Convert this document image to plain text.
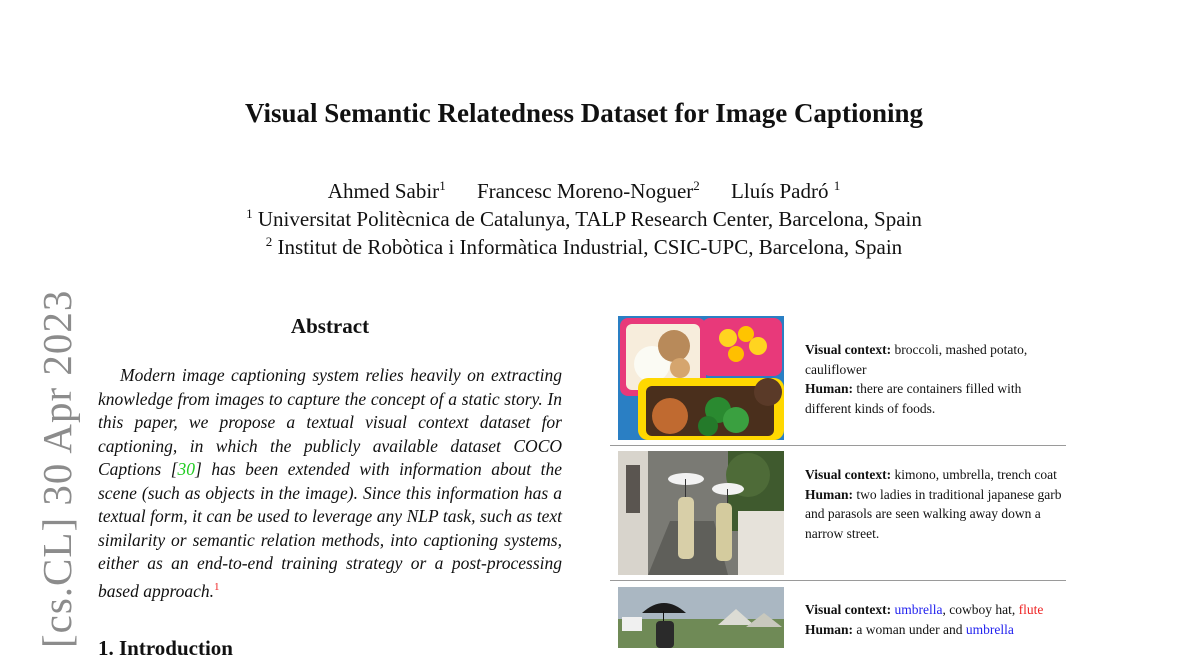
Visual Semantic Relatedness Dataset for Image Captioning
Ahmed Sabir$^1$ Francesc Moreno-Noguer$^2$ Lluís Padró $^1$
$^1$ Universitat Politècnica de Catalunya, TALP Research Center, Barcelona, Spain
$^2$ Institut de Robòtica i Informàtica Industrial, CSIC-UPC, Barcelona, Spain
[cs.CL] 30 Apr 2023	Abstract

Modern image captioning system relies heavily on extracting knowledge from images to capture the concept of a static story. In this paper, we propose a textual visual context dataset for captioning, in which the publicly available dataset COCO Captions [30] has been extended with information about the scene (such as objects in the image). Since this information has a textual form, it can be used to leverage any NLP task, such as text similarity or semantic relation methods, into captioning systems, either as an end-to-end training strategy or a post-processing based approach.$^1$

1. Introduction
Visual context: broccoli, mashed potato, cauliflower
Human: there are containers filled with different kinds of foods.
Visual context: kimono, umbrella, trench coat
Human: two ladies in traditional japanese garb and parasols are seen walking away down a narrow street.
Visual context: umbrella, cowboy hat, flute
Human: a woman under and umbrella
